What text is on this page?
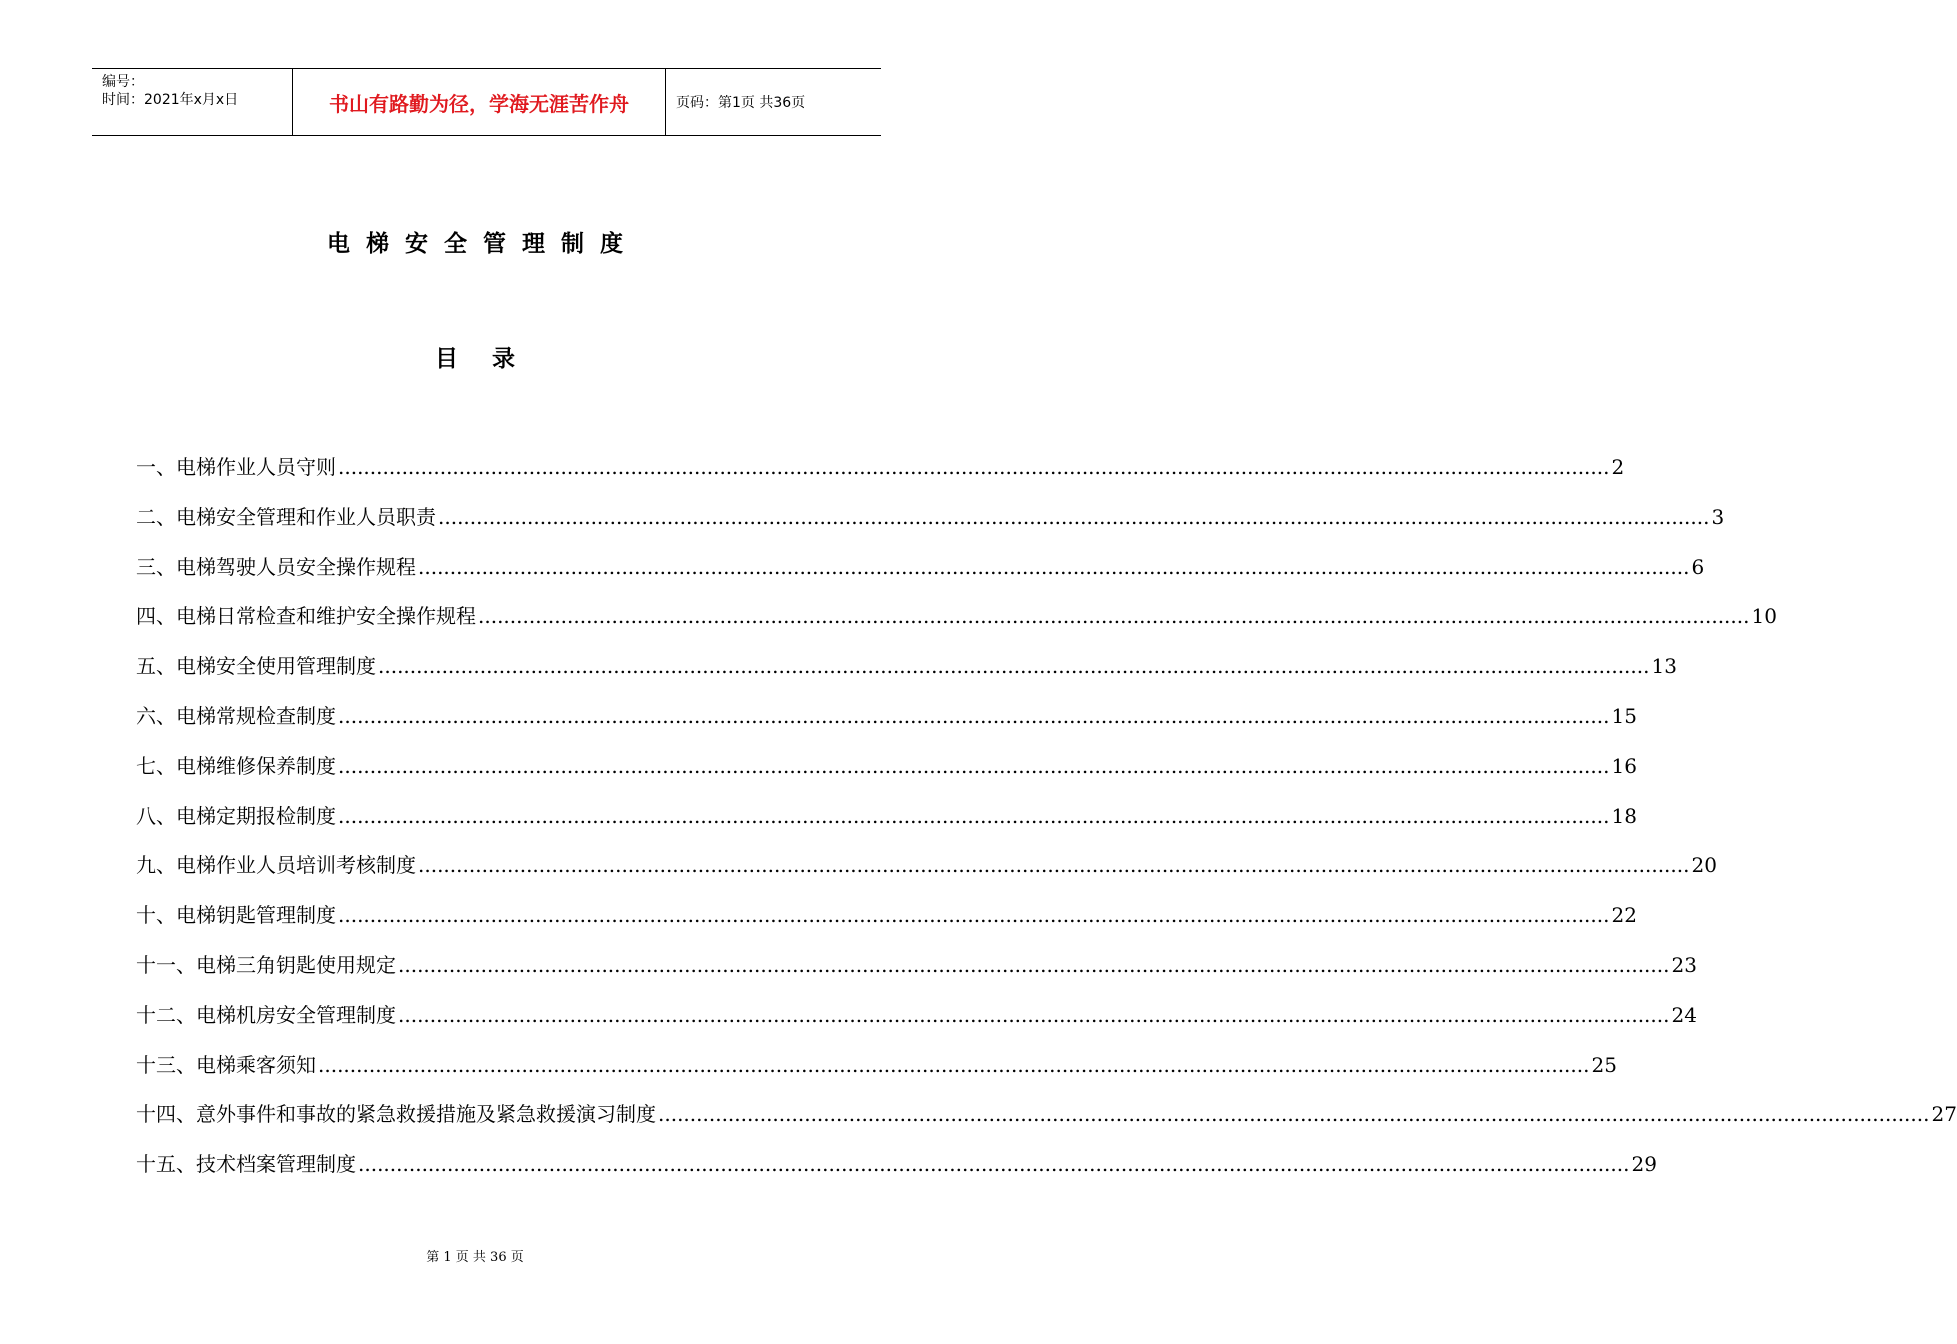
编号：
时间：2021年x月x日	书山有路勤为径，学海无涯苦作舟	页码：第1页 共36页
电梯安全管理制度
目录
一、电梯作业人员守则 ........................................................................................................................................................................................................ 2
二、电梯安全管理和作业人员职责 ........................................................................................................................................................................................................ 3
三、电梯驾驶人员安全操作规程 ........................................................................................................................................................................................................ 6
四、电梯日常检查和维护安全操作规程 ........................................................................................................................................................................................................ 10
五、电梯安全使用管理制度 ........................................................................................................................................................................................................ 13
六、电梯常规检查制度 ........................................................................................................................................................................................................ 15
七、电梯维修保养制度 ........................................................................................................................................................................................................ 16
八、电梯定期报检制度 ........................................................................................................................................................................................................ 18
九、电梯作业人员培训考核制度 ........................................................................................................................................................................................................ 20
十、电梯钥匙管理制度 ........................................................................................................................................................................................................ 22
十一、电梯三角钥匙使用规定 ........................................................................................................................................................................................................ 23
十二、电梯机房安全管理制度 ........................................................................................................................................................................................................ 24
十三、电梯乘客须知 ........................................................................................................................................................................................................ 25
十四、意外事件和事故的紧急救援措施及紧急救援演习制度 ........................................................................................................................................................................................................ 27
十五、技术档案管理制度 ........................................................................................................................................................................................................ 29
第 1 页 共 36 页
